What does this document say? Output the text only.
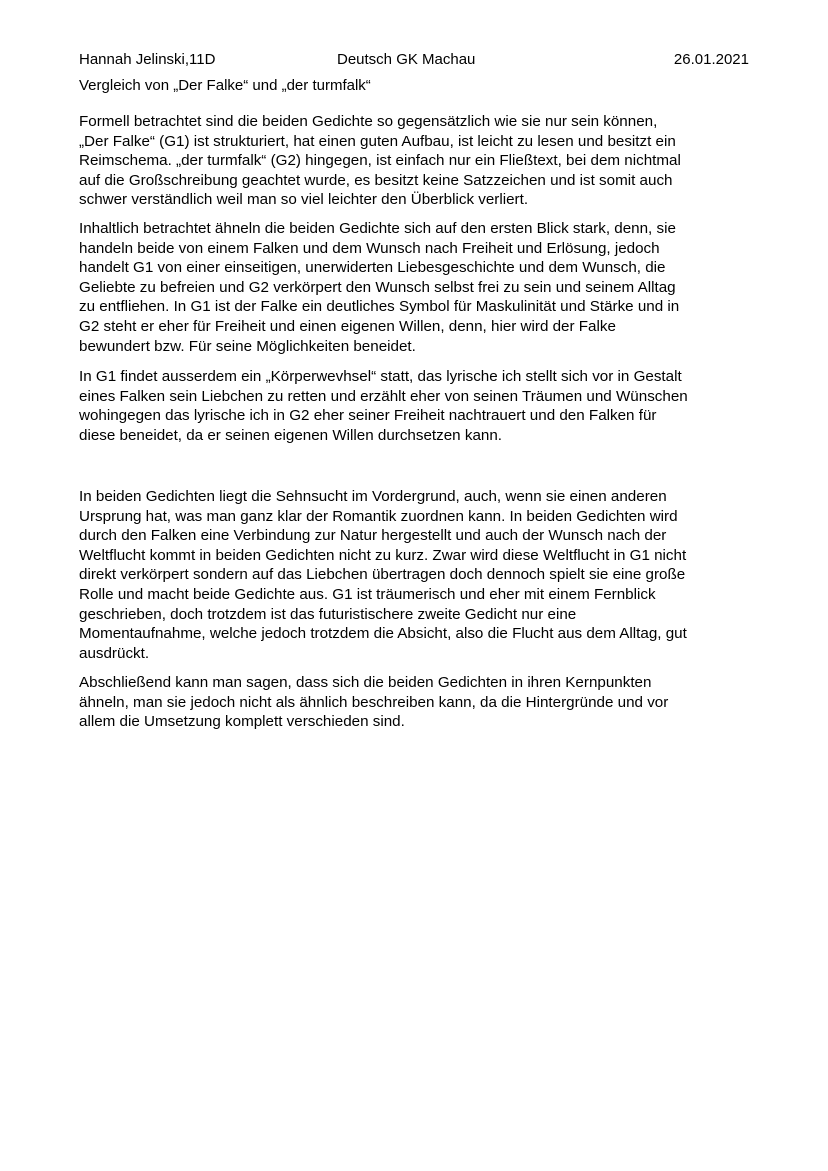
Hannah Jelinski,11D	Deutsch GK Machau	26.01.2021
Vergleich von „Der Falke“ und „der turmfalk“
Formell betrachtet sind die beiden Gedichte so gegensätzlich wie sie nur sein können,
„Der Falke“ (G1) ist strukturiert, hat einen guten Aufbau, ist leicht zu lesen und besitzt ein
Reimschema. „der turmfalk“ (G2) hingegen, ist einfach nur ein Fließtext, bei dem nichtmal
auf die Großschreibung geachtet wurde, es besitzt keine Satzzeichen und ist somit auch
schwer verständlich weil man so viel leichter den Überblick verliert.
Inhaltlich betrachtet ähneln die beiden Gedichte sich auf den ersten Blick stark, denn, sie
handeln beide von einem Falken und dem Wunsch nach Freiheit und Erlösung, jedoch
handelt G1 von einer einseitigen, unerwiderten Liebesgeschichte und dem Wunsch, die
Geliebte zu befreien und G2 verkörpert den Wunsch selbst frei zu sein und seinem Alltag
zu entfliehen. In G1 ist der Falke ein deutliches Symbol für Maskulinität und Stärke und in
G2 steht er eher für Freiheit und einen eigenen Willen, denn, hier wird der Falke
bewundert bzw. Für seine Möglichkeiten beneidet.
In G1 findet ausserdem ein „Körperwevhsel“ statt, das lyrische ich stellt sich vor in Gestalt
eines Falken sein Liebchen zu retten und erzählt eher von seinen Träumen und Wünschen
wohingegen das lyrische ich in G2 eher seiner Freiheit nachtrauert und den Falken für
diese beneidet, da er seinen eigenen Willen durchsetzen kann.
In beiden Gedichten liegt die Sehnsucht im Vordergrund, auch, wenn sie einen anderen
Ursprung hat, was man ganz klar der Romantik zuordnen kann. In beiden Gedichten wird
durch den Falken eine Verbindung zur Natur hergestellt und auch der Wunsch nach der
Weltflucht kommt in beiden Gedichten nicht zu kurz. Zwar wird diese Weltflucht in G1 nicht
direkt verkörpert sondern auf das Liebchen übertragen doch dennoch spielt sie eine große
Rolle und macht beide Gedichte aus. G1 ist träumerisch und eher mit einem Fernblick
geschrieben, doch trotzdem ist das futuristischere zweite Gedicht nur eine
Momentaufnahme, welche jedoch trotzdem die Absicht, also die Flucht aus dem Alltag, gut
ausdrückt.
Abschließend kann man sagen, dass sich die beiden Gedichten in ihren Kernpunkten
ähneln, man sie jedoch nicht als ähnlich beschreiben kann, da die Hintergründe und vor
allem die Umsetzung komplett verschieden sind.
